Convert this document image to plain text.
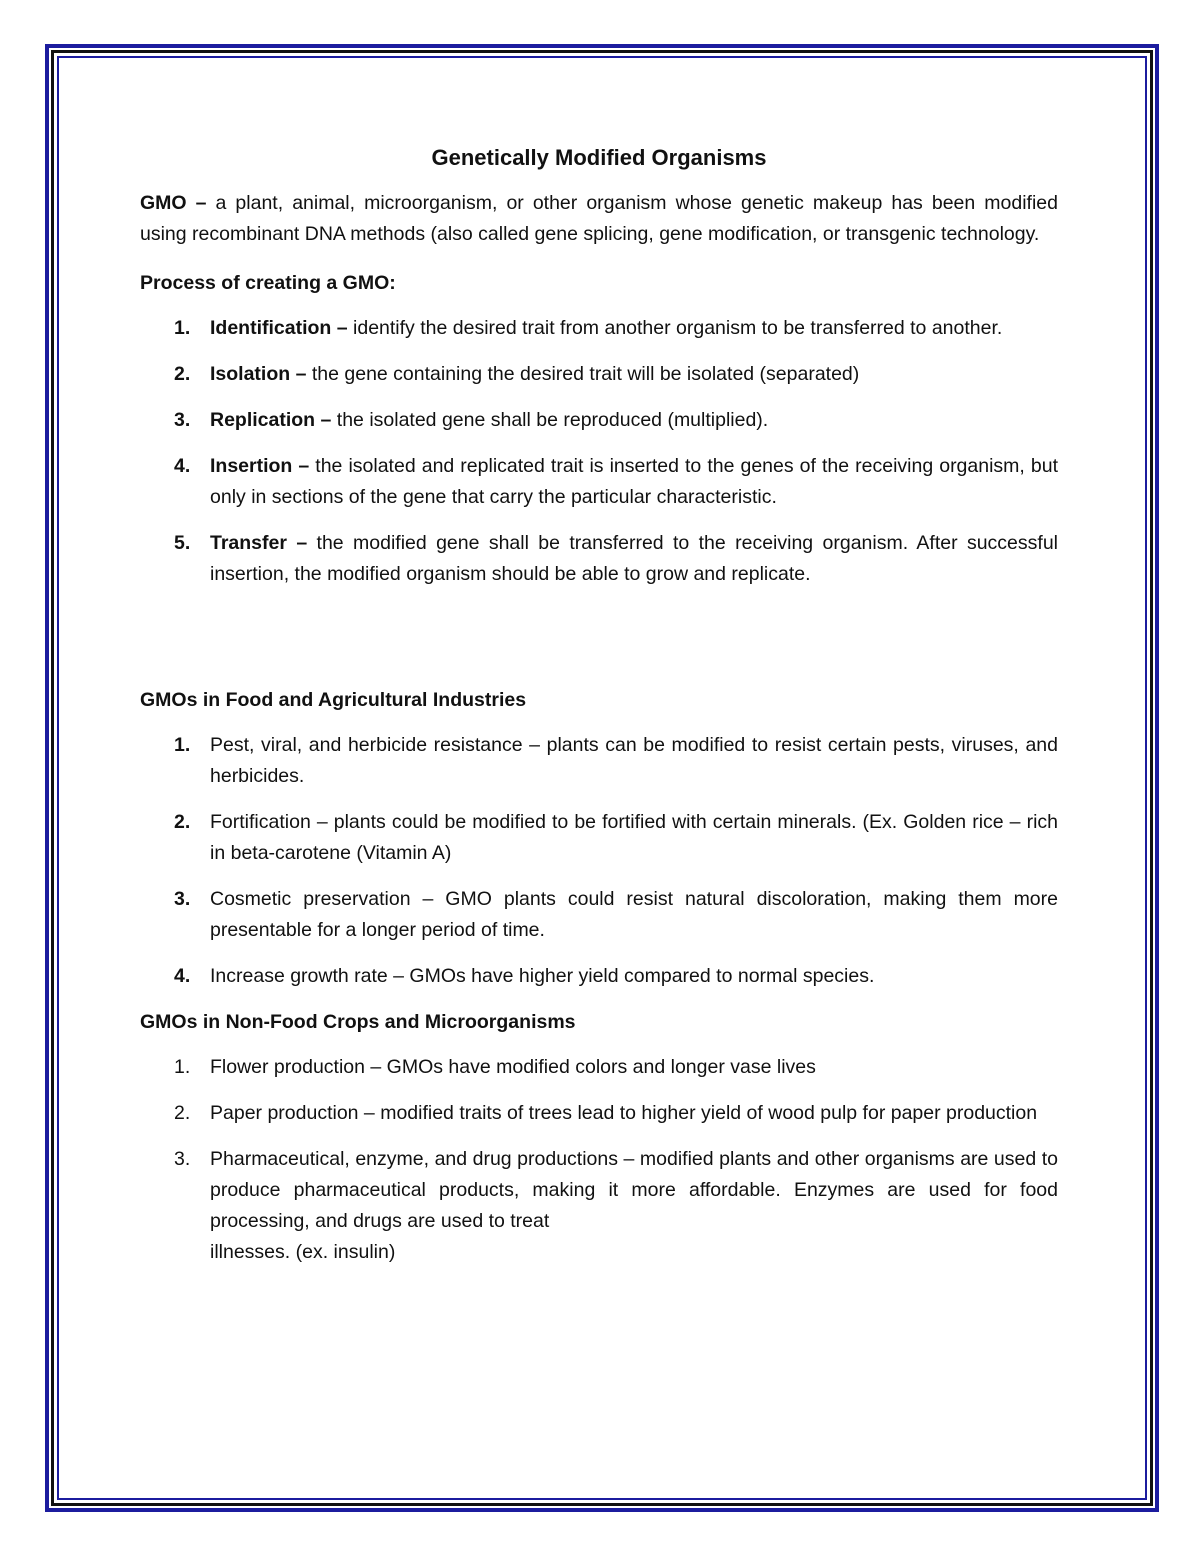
Genetically Modified Organisms

GMO – a plant, animal, microorganism, or other organism whose genetic makeup has been modified using recombinant DNA methods (also called gene splicing, gene modification, or transgenic technology.

Process of creating a GMO:
1. Identification – identify the desired trait from another organism to be transferred to another.
2. Isolation – the gene containing the desired trait will be isolated (separated)
3. Replication – the isolated gene shall be reproduced (multiplied).
4. Insertion – the isolated and replicated trait is inserted to the genes of the receiving organism, but only in sections of the gene that carry the particular characteristic.
5. Transfer – the modified gene shall be transferred to the receiving organism. After successful insertion, the modified organism should be able to grow and replicate.
GMOs in Food and Agricultural Industries
1. Pest, viral, and herbicide resistance – plants can be modified to resist certain pests, viruses, and herbicides.
2. Fortification – plants could be modified to be fortified with certain minerals. (Ex. Golden rice – rich in beta-carotene (Vitamin A)
3. Cosmetic preservation – GMO plants could resist natural discoloration, making them more presentable for a longer period of time.
4. Increase growth rate – GMOs have higher yield compared to normal species.
GMOs in Non-Food Crops and Microorganisms
1. Flower production – GMOs have modified colors and longer vase lives
2. Paper production – modified traits of trees lead to higher yield of wood pulp for paper production
3. Pharmaceutical, enzyme, and drug productions – modified plants and other organisms are used to produce pharmaceutical products, making it more affordable. Enzymes are used for food processing, and drugs are used to treat
illnesses. (ex. insulin)
